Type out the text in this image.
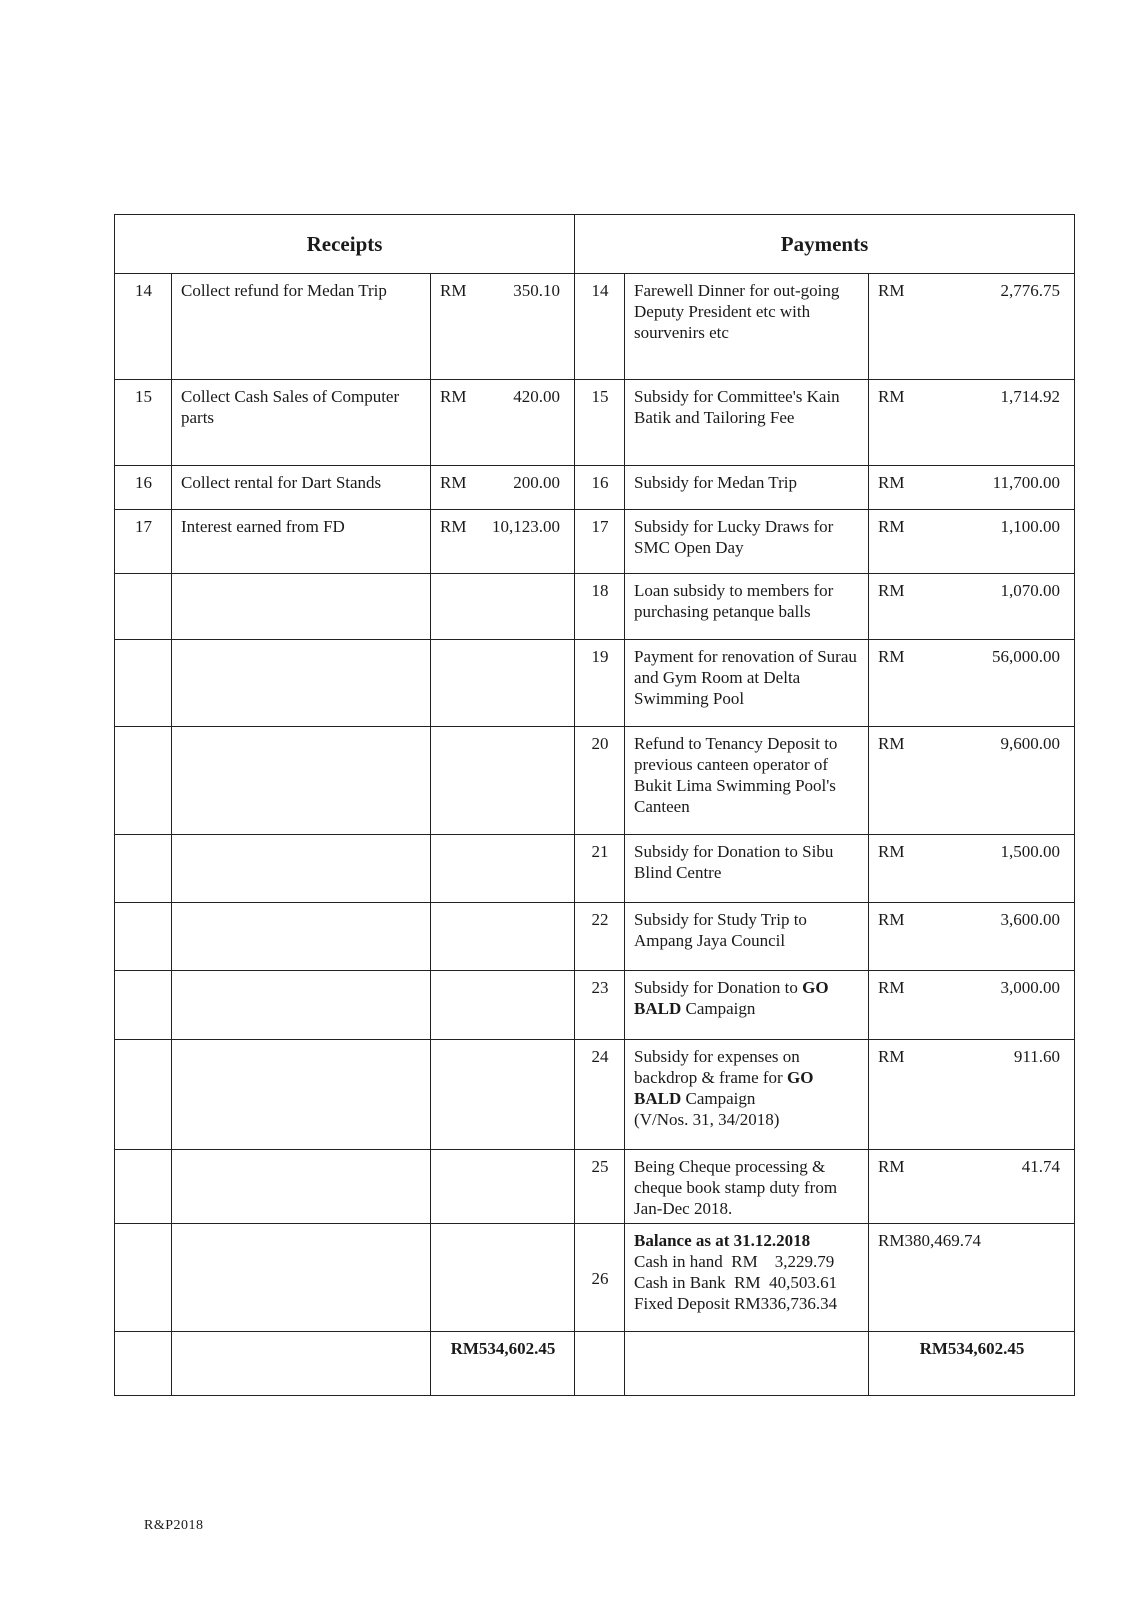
Receipts			Payments		
14	Collect refund for Medan Trip	RM 350.10	14	Farewell Dinner for out-going Deputy President etc with sourvenirs etc	RM 2,776.75

15	Collect Cash Sales of Computer parts	RM 420.00	15	Subsidy for Committee's Kain Batik and Tailoring Fee	RM 1,714.92

16	Collect rental for Dart Stands	RM 200.00	16	Subsidy for Medan Trip	RM 11,700.00

17	Interest earned from FD	RM 10,123.00	17	Subsidy for Lucky Draws for SMC Open Day	RM 1,100.00

			18	Loan subsidy to members for purchasing petanque balls	RM 1,070.00

			19	Payment for renovation of Surau and Gym Room at Delta Swimming Pool	RM 56,000.00

			20	Refund to Tenancy Deposit to previous canteen operator of Bukit Lima Swimming Pool's Canteen	RM 9,600.00

			21	Subsidy for Donation to Sibu Blind Centre	RM 1,500.00

			22	Subsidy for Study Trip to Ampang Jaya Council	RM 3,600.00

			23	Subsidy for Donation to GO BALD Campaign	RM 3,000.00

			24	Subsidy for expenses on backdrop & frame for GO BALD Campaign
(V/Nos. 31, 34/2018)	RM 911.60

			25	Being Cheque processing & cheque book stamp duty from Jan-Dec 2018.	RM 41.74

			26	Balance as at 31.12.2018
Cash in hand  RM    3,229.79
Cash in Bank  RM  40,503.61
Fixed Deposit RM336,736.34	RM380,469.74
		RM534,602.45			RM534,602.45
R&P2018
